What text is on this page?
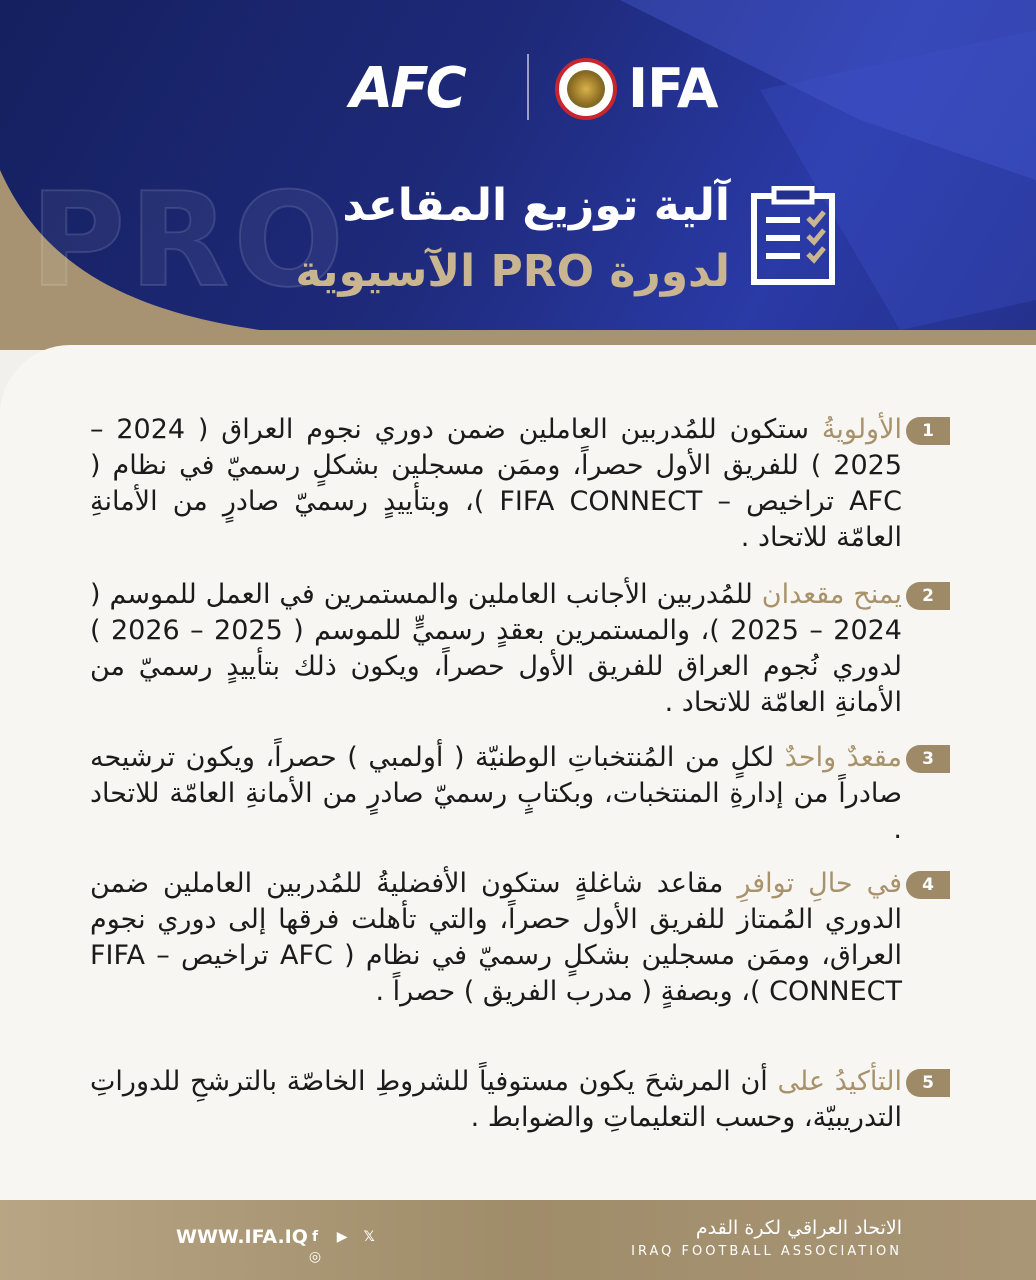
AFC	IFA
PRO
آلية توزيع المقاعد
لدورة PRO الآسيوية
1

الأولويةُ ستكون للمُدربين العاملين ضمن دوري نجوم العراق ( 2024 – 2025 ) للفريق الأول حصراً، وممَن مسجلين بشكلٍ رسميّ في نظام ( AFC تراخيص – FIFA CONNECT )، وبتأييدٍ رسميّ صادرٍ من الأمانةِ العامّة للاتحاد .

2

يمنح مقعدان للمُدربين الأجانب العاملين والمستمرين في العمل للموسم ( 2024 – 2025 )، والمستمرين بعقدٍ رسميٍّ للموسم ( 2025 – 2026 ) لدوري نُجوم العراق للفريق الأول حصراً، ويكون ذلك بتأييدٍ رسميّ من الأمانةِ العامّة للاتحاد .

3

مقعدٌ واحدٌ لكلٍ من المُنتخباتِ الوطنيّة ( أولمبي ) حصراً، ويكون ترشيحه صادراً من إدارةِ المنتخبات، وبكتابٍ رسميّ صادرٍ من الأمانةِ العامّة للاتحاد .

4

في حالِ توافرِ مقاعد شاغلةٍ ستكون الأفضليةُ للمُدربين العاملين ضمن الدوري المُمتاز للفريق الأول حصراً، والتي تأهلت فرقها إلى دوري نجوم العراق، وممَن مسجلين بشكلٍ رسميّ في نظام ( AFC تراخيص – FIFA CONNECT )، وبصفةٍ ( مدرب الفريق ) حصراً .

5

التأكيدُ على أن المرشحَ يكون مستوفياً للشروطِ الخاصّة بالترشحِ للدوراتِ التدريبيّة، وحسب التعليماتِ والضوابط .

WWW.IFA.IQ f ▶ 𝕏 ◎
الاتحاد العراقي لكرة القدم
IRAQ FOOTBALL ASSOCIATION
